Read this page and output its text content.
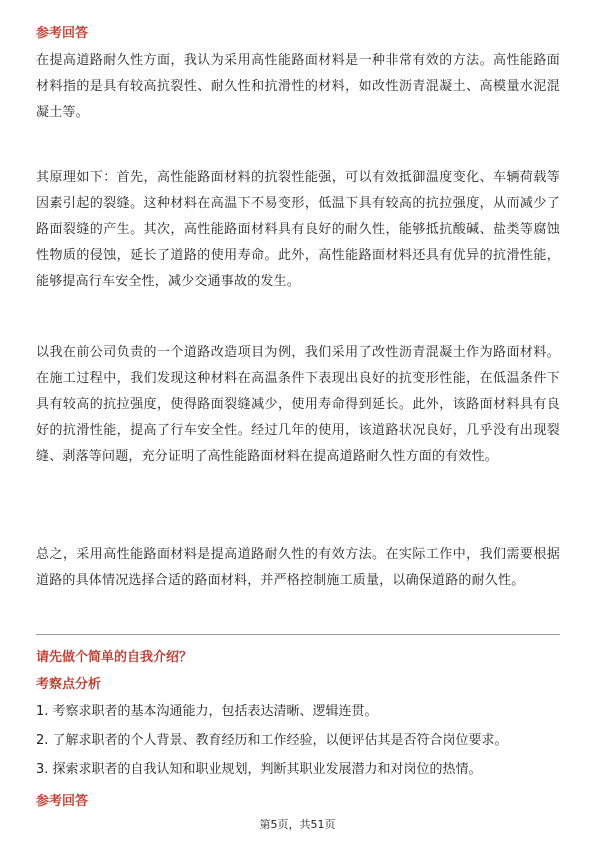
参考回答
在提高道路耐久性方面，我认为采用高性能路面材料是一种非常有效的方法。高性能路面材料指的是具有较高抗裂性、耐久性和抗滑性的材料，如改性沥青混凝土、高模量水泥混凝土等。
其原理如下：首先，高性能路面材料的抗裂性能强，可以有效抵御温度变化、车辆荷载等因素引起的裂缝。这种材料在高温下不易变形，低温下具有较高的抗拉强度，从而减少了路面裂缝的产生。其次，高性能路面材料具有良好的耐久性，能够抵抗酸碱、盐类等腐蚀性物质的侵蚀，延长了道路的使用寿命。此外，高性能路面材料还具有优异的抗滑性能，能够提高行车安全性，减少交通事故的发生。
以我在前公司负责的一个道路改造项目为例，我们采用了改性沥青混凝土作为路面材料。在施工过程中，我们发现这种材料在高温条件下表现出良好的抗变形性能，在低温条件下具有较高的抗拉强度，使得路面裂缝减少，使用寿命得到延长。此外，该路面材料具有良好的抗滑性能，提高了行车安全性。经过几年的使用，该道路状况良好，几乎没有出现裂缝、剥落等问题，充分证明了高性能路面材料在提高道路耐久性方面的有效性。
总之，采用高性能路面材料是提高道路耐久性的有效方法。在实际工作中，我们需要根据道路的具体情况选择合适的路面材料，并严格控制施工质量，以确保道路的耐久性。
请先做个简单的自我介绍？
考察点分析
1. 考察求职者的基本沟通能力，包括表达清晰、逻辑连贯。
2. 了解求职者的个人背景、教育经历和工作经验，以便评估其是否符合岗位要求。
3. 探索求职者的自我认知和职业规划，判断其职业发展潜力和对岗位的热情。
参考回答
第5页，共51页
